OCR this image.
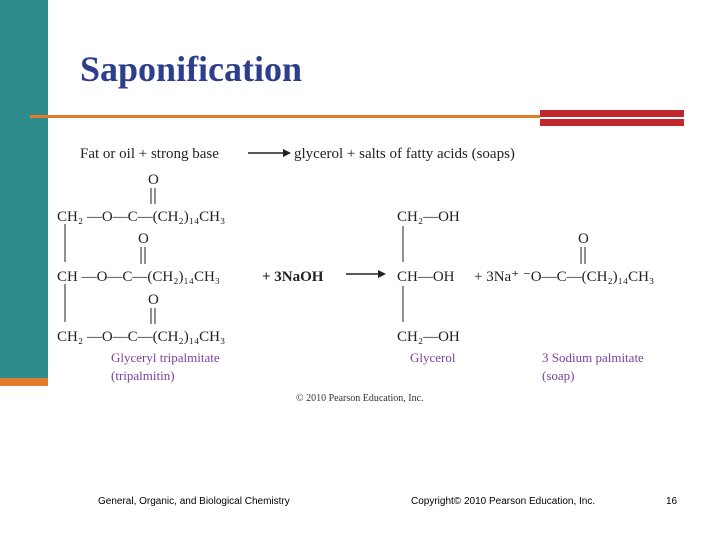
Saponification
Fat or oil + strong base	glycerol + salts of fatty acids (soaps)
O
O
O
CH₂ —O—C—(CH₂)₁₄CH₃
CH —O—C—(CH₂)₁₄CH₃	+ 3NaOH
CH₂ —O—C—(CH₂)₁₄CH₃
CH₂—OH
CH—OH
CH₂—OH
O
+ 3Na⁺ ⁻O—C—(CH₂)₁₄CH₃
Glyceryl tripalmitate
(tripalmitin)
Glycerol	3 Sodium palmitate
(soap)
© 2010 Pearson Education, Inc.
General, Organic, and Biological Chemistry	Copyright© 2010 Pearson Education, Inc.	16
